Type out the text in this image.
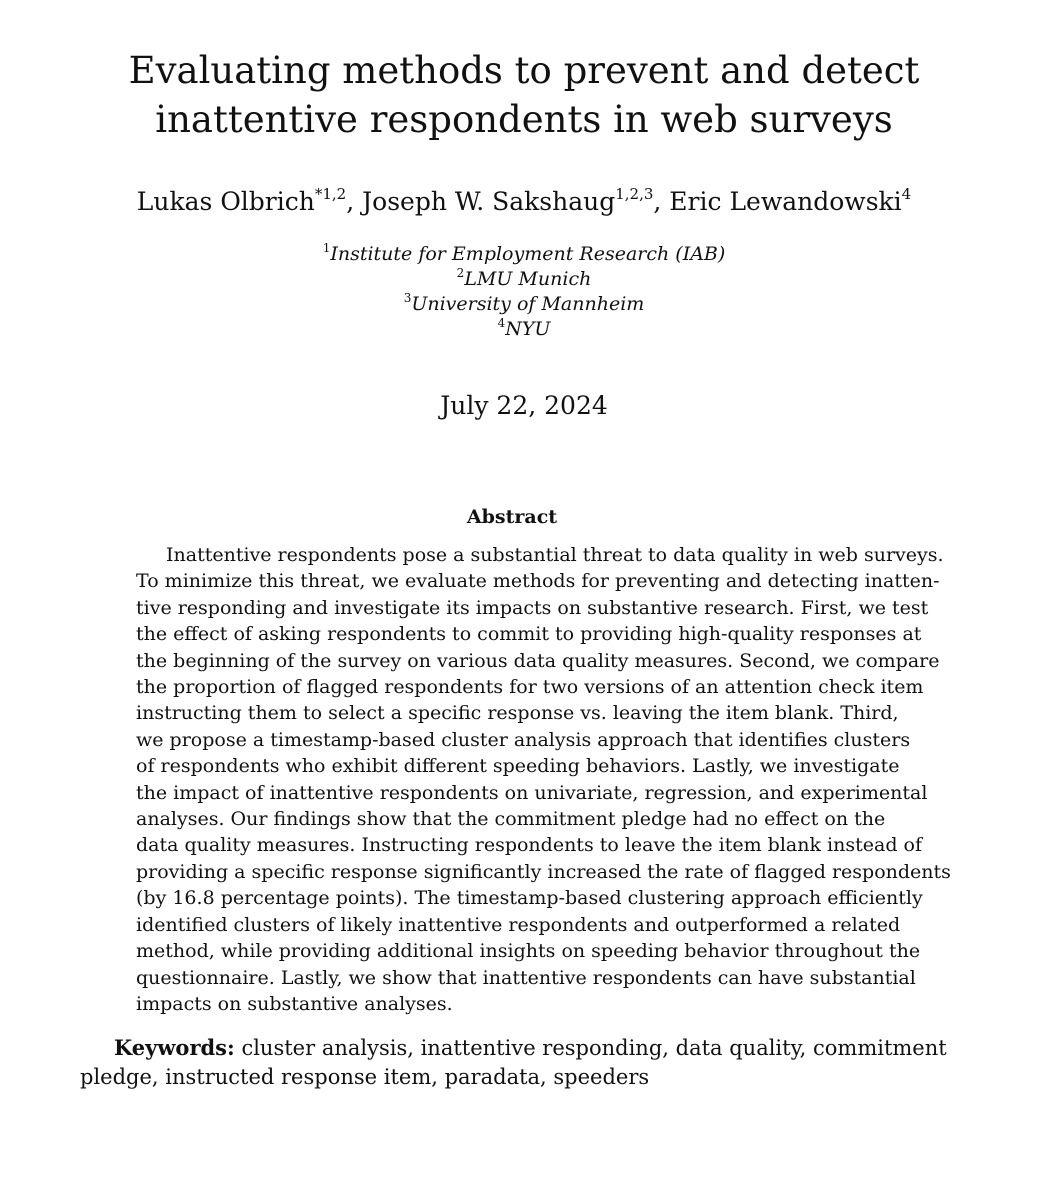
Evaluating methods to prevent and detect
inattentive respondents in web surveys
Lukas Olbrich$^{*1,2}$, Joseph W. Sakshaug$^{1,2,3}$, Eric Lewandowski$^4$
$^1$Institute for Employment Research (IAB)
$^2$LMU Munich
$^3$University of Mannheim
$^4$NYU
July 22, 2024
Abstract
Inattentive respondents pose a substantial threat to data quality in web surveys.
To minimize this threat, we evaluate methods for preventing and detecting inatten-
tive responding and investigate its impacts on substantive research. First, we test
the effect of asking respondents to commit to providing high-quality responses at
the beginning of the survey on various data quality measures. Second, we compare
the proportion of flagged respondents for two versions of an attention check item
instructing them to select a specific response vs. leaving the item blank. Third,
we propose a timestamp-based cluster analysis approach that identifies clusters
of respondents who exhibit different speeding behaviors. Lastly, we investigate
the impact of inattentive respondents on univariate, regression, and experimental
analyses. Our findings show that the commitment pledge had no effect on the
data quality measures. Instructing respondents to leave the item blank instead of
providing a specific response significantly increased the rate of flagged respondents
(by 16.8 percentage points). The timestamp-based clustering approach efficiently
identified clusters of likely inattentive respondents and outperformed a related
method, while providing additional insights on speeding behavior throughout the
questionnaire. Lastly, we show that inattentive respondents can have substantial
impacts on substantive analyses.
Keywords: cluster analysis, inattentive responding, data quality, commitment
pledge, instructed response item, paradata, speeders
